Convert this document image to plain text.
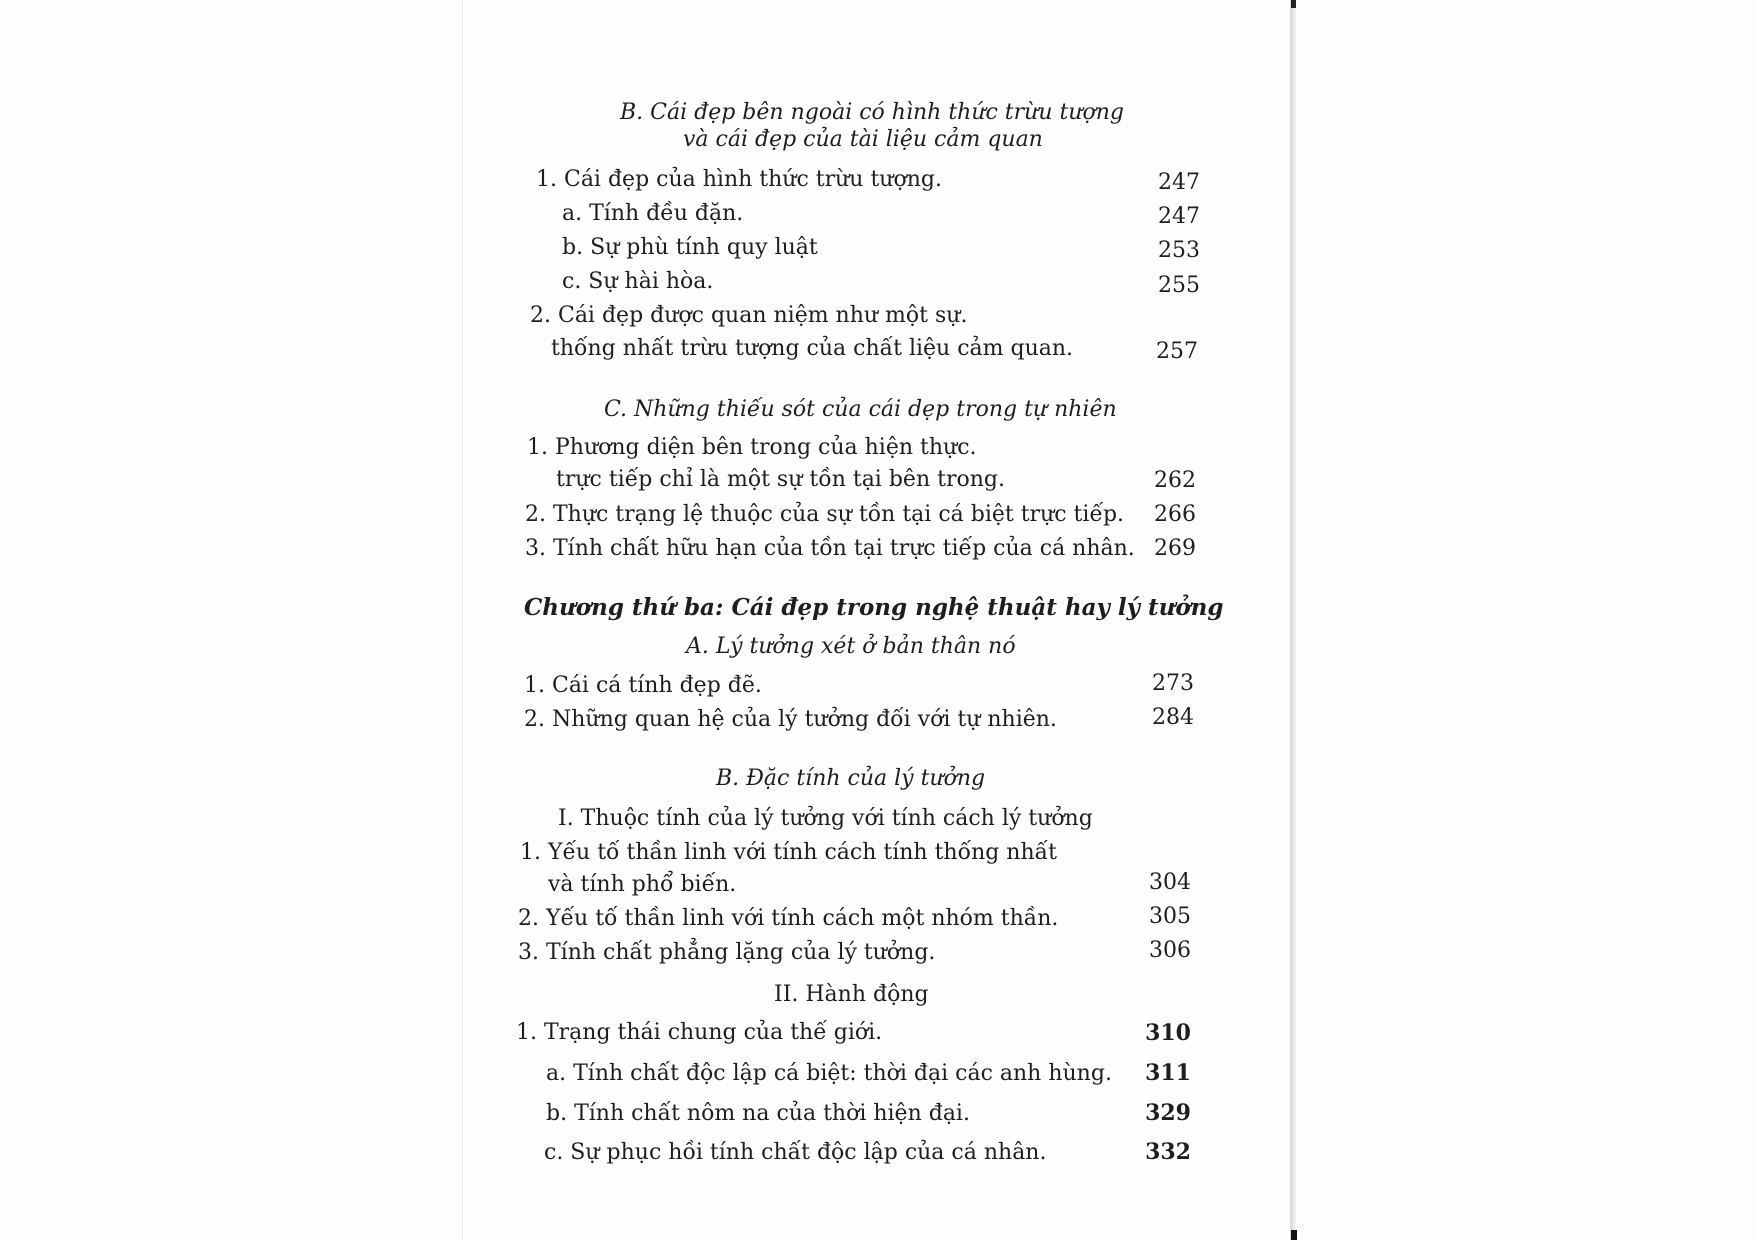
B. Cái đẹp bên ngoài có hình thức trừu tượng
và cái đẹp của tài liệu cảm quan
1. Cái đẹp của hình thức trừu tượng.	247
a. Tính đều đặn.	247
b. Sự phù tính quy luật	253
c. Sự hài hòa.	255
2. Cái đẹp được quan niệm như một sự.
thống nhất trừu tượng của chất liệu cảm quan.	257
C. Những thiếu sót của cái dẹp trong tự nhiên
1. Phương diện bên trong của hiện thực.
trực tiếp chỉ là một sự tồn tại bên trong.	262
2. Thực trạng lệ thuộc của sự tồn tại cá biệt trực tiếp.	266
3. Tính chất hữu hạn của tồn tại trực tiếp của cá nhân. 269
Chương thứ ba: Cái đẹp trong nghệ thuật hay lý tưởng
A. Lý tưởng xét ở bản thân nó
1. Cái cá tính đẹp đẽ.	273
2. Những quan hệ của lý tưởng đối với tự nhiên.	284
B. Đặc tính của lý tưởng
I. Thuộc tính của lý tưởng với tính cách lý tưởng
1. Yếu tố thần linh với tính cách tính thống nhất
và tính phổ biến.	304
2. Yếu tố thần linh với tính cách một nhóm thần.	305
3. Tính chất phẳng lặng của lý tưởng.	306
II. Hành động
1. Trạng thái chung của thế giới.	310
a. Tính chất độc lập cá biệt: thời đại các anh hùng.	311
b. Tính chất nôm na của thời hiện đại.	329
c. Sự phục hồi tính chất độc lập của cá nhân.	332
